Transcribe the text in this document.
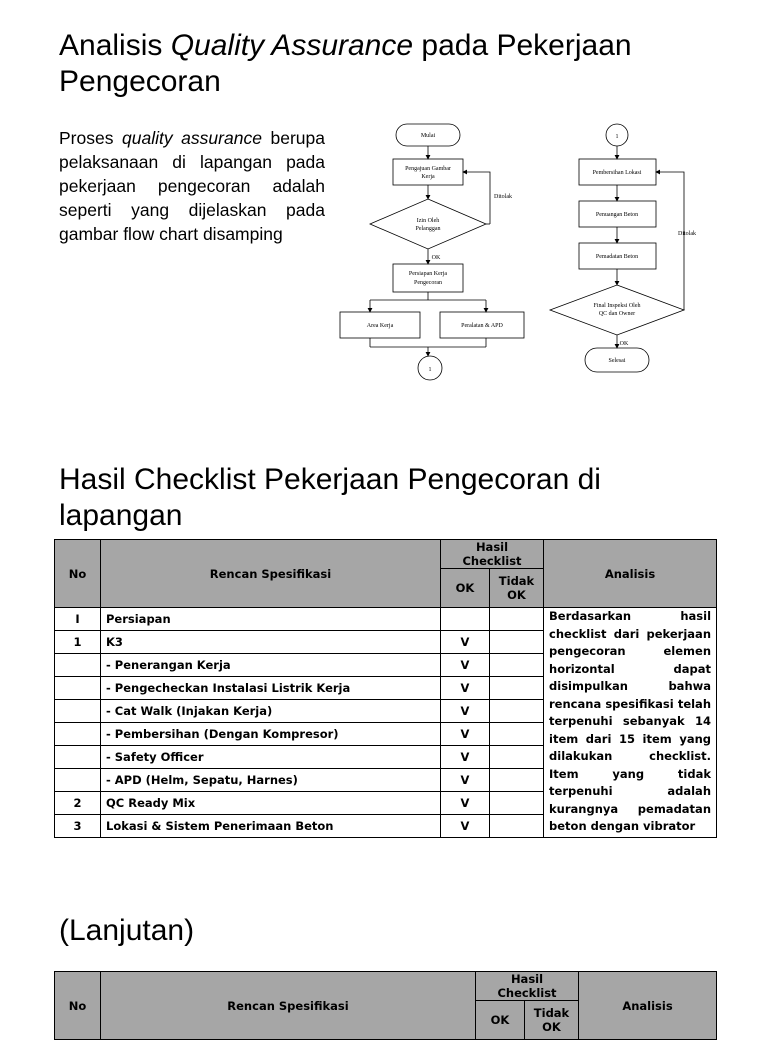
Analisis Quality Assurance pada Pekerjaan Pengecoran

Proses quality assurance berupa pelaksanaan di lapangan pada pekerjaan pengecoran adalah seperti yang dijelaskan pada gambar flow chart disamping

Mulai
Pengajuan Gambar
Kerja
Izin Oleh
Pelanggan
Ditolak
OK
Persiapan Kerja
Pengecoran
Area Kerja	Peralatan & APD
1
1
Pembersihan Lokasi
Penuangan Beton
Pemadatan Beton
Final Inspeksi Oleh
QC dan Owner
Ditolak
OK
Selesai
Hasil Checklist Pekerjaan Pengecoran di lapangan
No	Rencan Spesifikasi	Hasil Checklist		Analisis
		OK	Tidak OK	
I	Persiapan			Berdasarkan hasil checklist dari pekerjaan pengecoran elemen horizontal dapat disimpulkan bahwa rencana spesifikasi telah terpenuhi sebanyak 14 item dari 15 item yang dilakukan checklist. Item yang tidak terpenuhi adalah kurangnya pemadatan beton dengan vibrator
1	K3	V		
	- Penerangan Kerja	V		
	- Pengecheckan Instalasi Listrik Kerja	V		
	- Cat Walk (Injakan Kerja)	V		
	- Pembersihan (Dengan Kompresor)	V		
	- Safety Officer	V		
	- APD (Helm, Sepatu, Harnes)	V		
2	QC Ready Mix	V		
3	Lokasi & Sistem Penerimaan Beton	V		
(Lanjutan)
No	Rencan Spesifikasi	Hasil Checklist		Analisis
		OK	Tidak OK	
